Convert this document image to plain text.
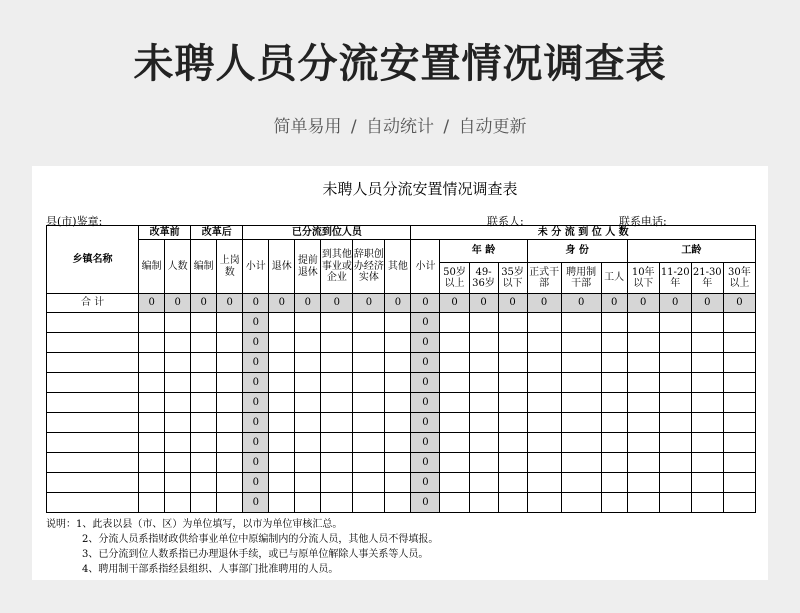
未聘人员分流安置情况调查表
简单易用 / 自动统计 / 自动更新
未聘人员分流安置情况调查表
县(市)鉴章:	联系人:	联系电话:
乡镇名称	改革前		改革后		已分流到位人员						未 分 流 到 位 人 数										
	编制	人数	编制	上岗数	小计	退休	提前退休	到其他事业或企业	辞职创办经济实体	其他	小计	年 龄			身 份			工龄			
												50岁以上	49-36岁	35岁以下	正式干部	聘用制干部	工人	10年以下	11-20年	21-30年	30年以上
合 计	0	0	0	0	0	0	0	0	0	0	0	0	0	0	0	0	0	0	0	0	0
					0						0										
					0						0										
					0						0										
					0						0										
					0						0										
					0						0										
					0						0										
					0						0										
					0						0										
					0						0										
说明：1、此表以县（市、区）为单位填写，以市为单位审核汇总。
2、分流人员系指财政供给事业单位中原编制内的分流人员，其他人员不得填报。
3、已分流到位人数系指已办理退休手续，或已与原单位解除人事关系等人员。
4、聘用制干部系指经县组织、人事部门批准聘用的人员。
